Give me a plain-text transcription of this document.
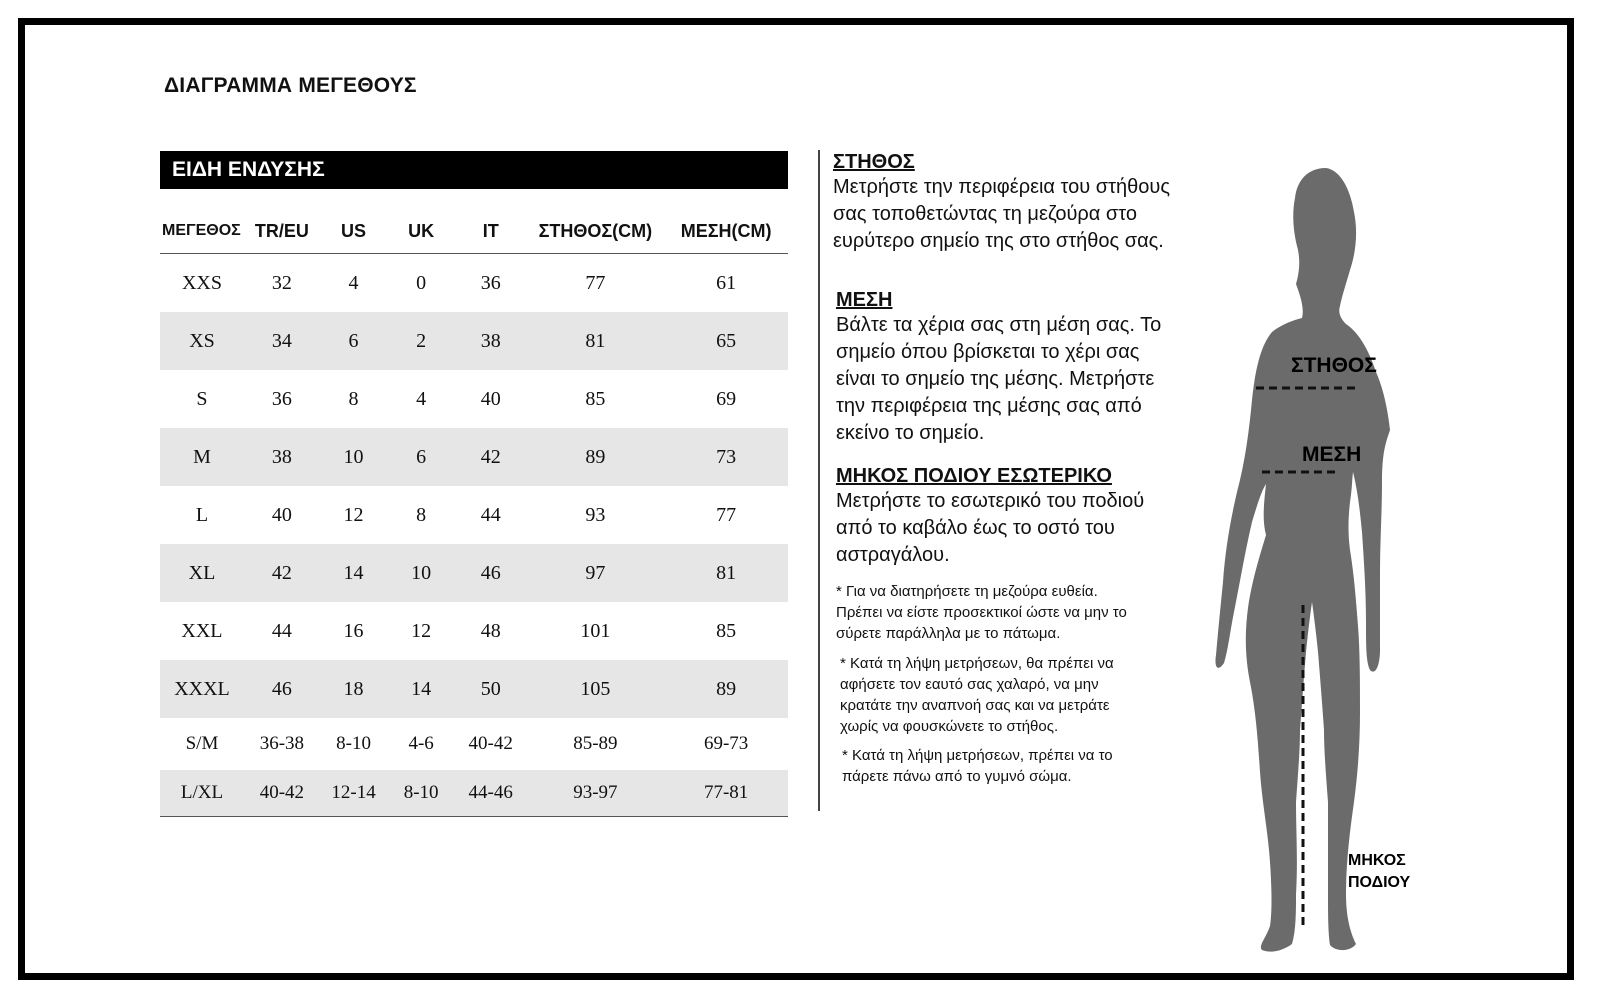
ΔΙΑΓΡΑΜΜΑ ΜΕΓΕΘΟΥΣ
ΕΙΔΗ ΕΝΔΥΣΗΣ
ΜΕΓΕΘΟΣ	TR/EU	US	UK	IT	ΣΤΗΘΟΣ(CM)	ΜΕΣΗ(CM)
XXS	32	4	0	36	77	61
XS	34	6	2	38	81	65
S	36	8	4	40	85	69
M	38	10	6	42	89	73
L	40	12	8	44	93	77
XL	42	14	10	46	97	81
XXL	44	16	12	48	101	85
XXXL	46	18	14	50	105	89
S/M	36-38	8-10	4-6	40-42	85-89	69-73
L/XL	40-42	12-14	8-10	44-46	93-97	77-81
ΣΤΗΘΟΣ

Μετρήστε την περιφέρεια του στήθους

σας τοποθετώντας τη μεζούρα στο

ευρύτερο σημείο της στο στήθος σας.

ΜΕΣΗ

Βάλτε τα χέρια σας στη μέση σας. Το

σημείο όπου βρίσκεται το χέρι σας

είναι το σημείο της μέσης. Μετρήστε

την περιφέρεια της μέσης σας από

εκείνο το σημείο.

ΜΗΚΟΣ ΠΟΔΙΟΥ ΕΣΩΤΕΡΙΚΟ

Μετρήστε το εσωτερικό του ποδιού

από το καβάλο έως το οστό του

αστραγάλου.

* Για να διατηρήσετε τη μεζούρα ευθεία.
Πρέπει να είστε προσεκτικοί ώστε να μην το
σύρετε παράλληλα με το πάτωμα.
* Κατά τη λήψη μετρήσεων, θα πρέπει να
αφήσετε τον εαυτό σας χαλαρό, να μην
κρατάτε την αναπνοή σας και να μετράτε
χωρίς να φουσκώνετε το στήθος.
* Κατά τη λήψη μετρήσεων, πρέπει να το
πάρετε πάνω από το γυμνό σώμα.
ΣΤΗΘΟΣ
ΜΕΣΗ
ΜΗΚΟΣ
ΠΟΔΙΟΥ
